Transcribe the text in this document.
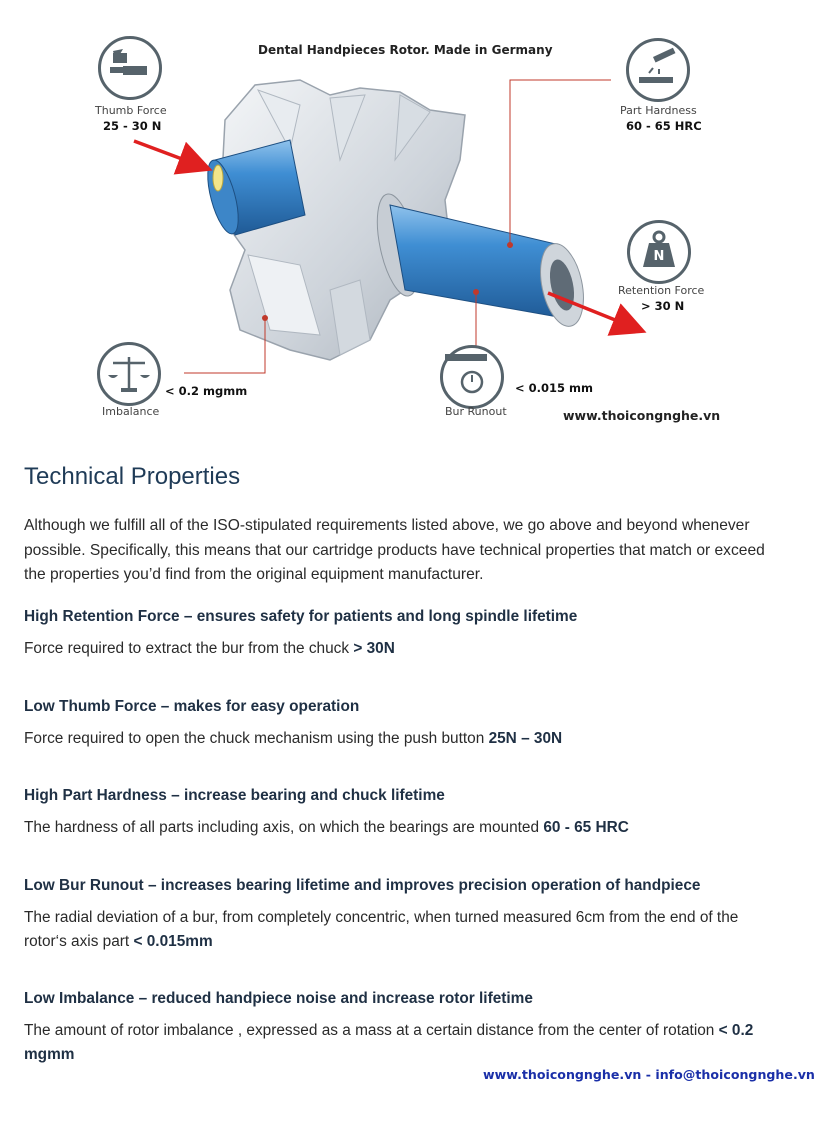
N
Dental Handpieces Rotor. Made in Germany
Thumb Force
25 - 30 N
Part Hardness
60 - 65 HRC
Retention Force
> 30 N
< 0.015 mm
Bur Runout
< 0.2 mgmm
Imbalance	www.thoicongnghe.vn
Technical Properties

Although we fulfill all of the ISO-stipulated requirements listed above, we go above and beyond whenever possible. Specifically, this means that our cartridge products have technical properties that match or exceed the properties you’d find from the original equipment manufacturer.

High Retention Force – ensures safety for patients and long spindle lifetime

Force required to extract the bur from the chuck > 30N

Low Thumb Force – makes for easy operation

Force required to open the chuck mechanism using the push button 25N – 30N

High Part Hardness – increase bearing and chuck lifetime

The hardness of all parts including axis, on which the bearings are mounted 60 - 65 HRC

Low Bur Runout – increases bearing lifetime and improves precision operation of handpiece

The radial deviation of a bur, from completely concentric, when turned measured 6cm from the end of the rotor‘s axis part < 0.015mm

Low Imbalance – reduced handpiece noise and increase rotor lifetime

The amount of rotor imbalance , expressed as a mass at a certain distance from the center of rotation < 0.2 mgmm

www.thoicongnghe.vn - info@thoicongnghe.vn
